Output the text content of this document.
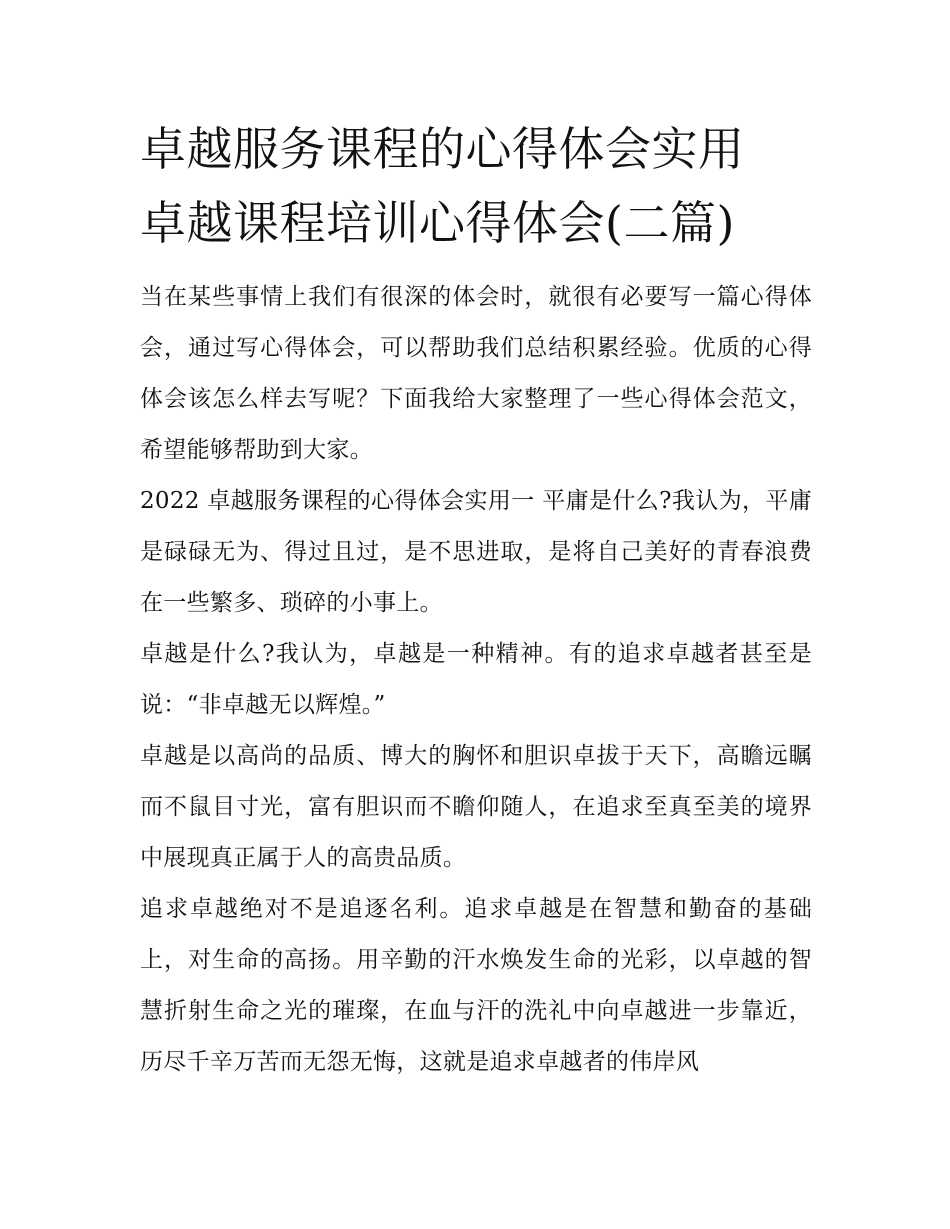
卓越服务课程的心得体会实用
卓越课程培训心得体会(二篇)

当在某些事情上我们有很深的体会时，就很有必要写一篇心得体会，通过写心得体会，可以帮助我们总结积累经验。优质的心得体会该怎么样去写呢？下面我给大家整理了一些心得体会范文，希望能够帮助到大家。

2022 卓越服务课程的心得体会实用一 平庸是什么?我认为，平庸是碌碌无为、得过且过，是不思进取，是将自己美好的青春浪费在一些繁多、琐碎的小事上。

卓越是什么?我认为，卓越是一种精神。有的追求卓越者甚至是说：“非卓越无以辉煌。”

卓越是以高尚的品质、博大的胸怀和胆识卓拔于天下，高瞻远瞩而不鼠目寸光，富有胆识而不瞻仰随人，在追求至真至美的境界中展现真正属于人的高贵品质。

追求卓越绝对不是追逐名利。追求卓越是在智慧和勤奋的基础上，对生命的高扬。用辛勤的汗水焕发生命的光彩，以卓越的智慧折射生命之光的璀璨，在血与汗的洗礼中向卓越进一步靠近，历尽千辛万苦而无怨无悔，这就是追求卓越者的伟岸风
